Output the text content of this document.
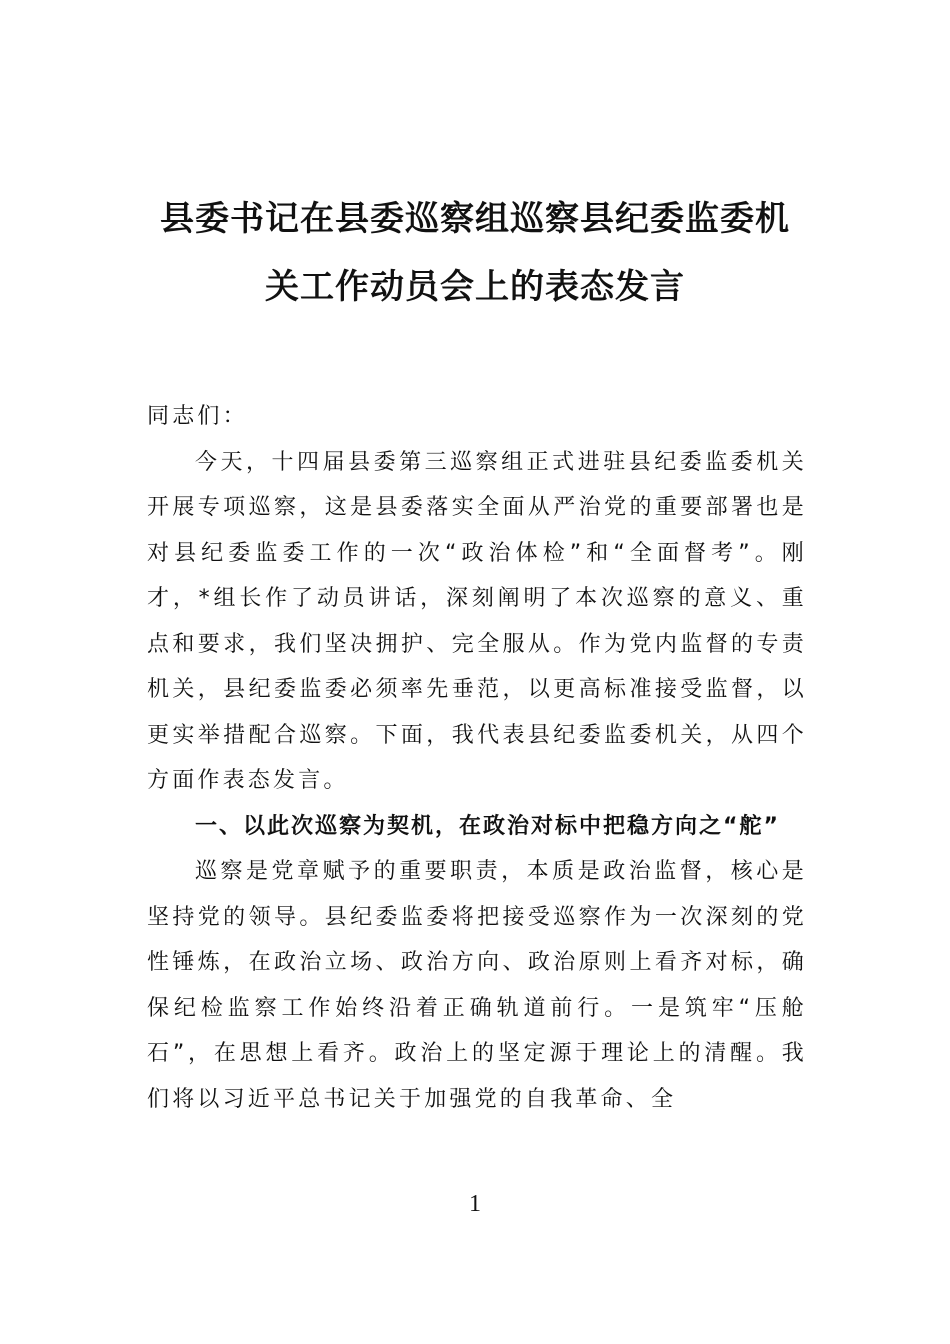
县委书记在县委巡察组巡察县纪委监委机
关工作动员会上的表态发言

同志们：

今天，十四届县委第三巡察组正式进驻县纪委监委机关开展专项巡察，这是县委落实全面从严治党的重要部署也是对县纪委监委工作的一次“政治体检”和“全面督考”。刚才，*组长作了动员讲话，深刻阐明了本次巡察的意义、重点和要求，我们坚决拥护、完全服从。作为党内监督的专责机关，县纪委监委必须率先垂范，以更高标准接受监督，以更实举措配合巡察。下面，我代表县纪委监委机关，从四个方面作表态发言。

一、以此次巡察为契机，在政治对标中把稳方向之“舵”

巡察是党章赋予的重要职责，本质是政治监督，核心是坚持党的领导。县纪委监委将把接受巡察作为一次深刻的党性锤炼，在政治立场、政治方向、政治原则上看齐对标，确保纪检监察工作始终沿着正确轨道前行。一是筑牢“压舱石”，在思想上看齐。政治上的坚定源于理论上的清醒。我们将以习近平总书记关于加强党的自我革命、全

1
